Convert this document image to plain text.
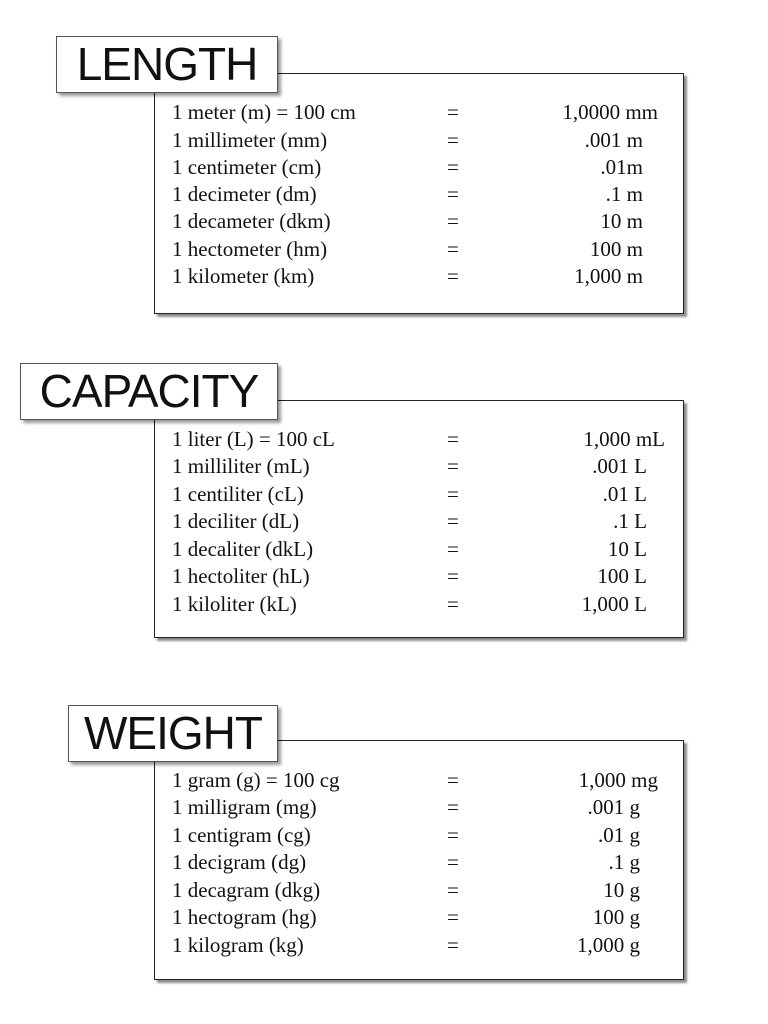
1 meter (m) = 100 cm	=	1,0000 mm
1 millimeter (mm)	=	.001 m
1 centimeter (cm)	=	.01m
1 decimeter (dm)	=	.1 m
1 decameter (dkm)	=	10 m
1 hectometer (hm)	=	100 m
1 kilometer (km)	=	1,000 m
LENGTH
1 liter (L) = 100 cL	=	1,000 mL
1 milliliter (mL)	=	.001 L
1 centiliter (cL)	=	.01 L
1 deciliter (dL)	=	.1 L
1 decaliter (dkL)	=	10 L
1 hectoliter (hL)	=	100 L
1 kiloliter (kL)	=	1,000 L
CAPACITY
1 gram (g) = 100 cg	=	1,000 mg
1 milligram (mg)	=	.001 g
1 centigram (cg)	=	.01 g
1 decigram (dg)	=	.1 g
1 decagram (dkg)	=	10 g
1 hectogram (hg)	=	100 g
1 kilogram (kg)	=	1,000 g
WEIGHT
